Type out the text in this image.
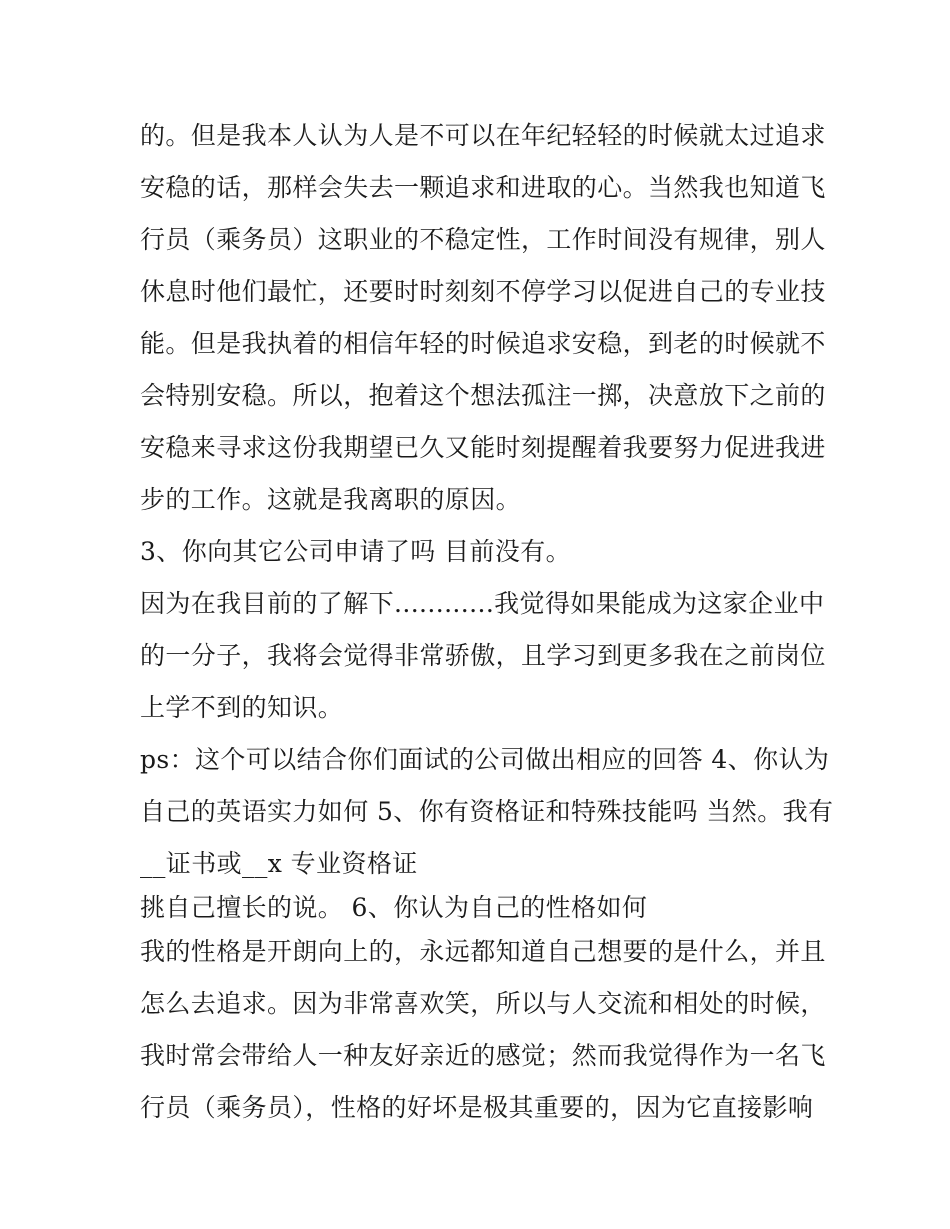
的。但是我本人认为人是不可以在年纪轻轻的时候就太过追求
安稳的话，那样会失去一颗追求和进取的心。当然我也知道飞
行员（乘务员）这职业的不稳定性，工作时间没有规律，别人
休息时他们最忙，还要时时刻刻不停学习以促进自己的专业技
能。但是我执着的相信年轻的时候追求安稳，到老的时候就不
会特别安稳。所以，抱着这个想法孤注一掷，决意放下之前的
安稳来寻求这份我期望已久又能时刻提醒着我要努力促进我进
步的工作。这就是我离职的原因。
3、你向其它公司申请了吗 目前没有。
因为在我目前的了解下............我觉得如果能成为这家企业中
的一分子，我将会觉得非常骄傲，且学习到更多我在之前岗位
上学不到的知识。
ps：这个可以结合你们面试的公司做出相应的回答 4、你认为
自己的英语实力如何 5、你有资格证和特殊技能吗 当然。我有
__证书或__x 专业资格证
挑自己擅长的说。 6、你认为自己的性格如何
我的性格是开朗向上的，永远都知道自己想要的是什么，并且
怎么去追求。因为非常喜欢笑，所以与人交流和相处的时候，
我时常会带给人一种友好亲近的感觉；然而我觉得作为一名飞
行员（乘务员），性格的好坏是极其重要的，因为它直接影响
